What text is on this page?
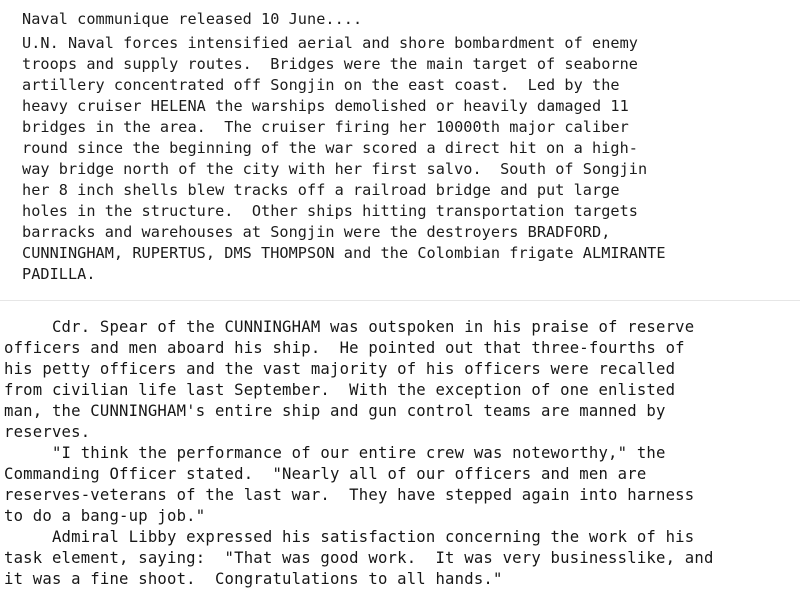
Naval communique released 10 June....
U.N. Naval forces intensified aerial and shore bombardment of enemy
troops and supply routes.  Bridges were the main target of seaborne
artillery concentrated off Songjin on the east coast.  Led by the
heavy cruiser HELENA the warships demolished or heavily damaged 11
bridges in the area.  The cruiser firing her 10000th major caliber
round since the beginning of the war scored a direct hit on a high-
way bridge north of the city with her first salvo.  South of Songjin
her 8 inch shells blew tracks off a railroad bridge and put large
holes in the structure.  Other ships hitting transportation targets
barracks and warehouses at Songjin were the destroyers BRADFORD,
CUNNINGHAM, RUPERTUS, DMS THOMPSON and the Colombian frigate ALMIRANTE
PADILLA.
Cdr. Spear of the CUNNINGHAM was outspoken in his praise of reserve
officers and men aboard his ship.  He pointed out that three-fourths of
his petty officers and the vast majority of his officers were recalled
from civilian life last September.  With the exception of one enlisted
man, the CUNNINGHAM's entire ship and gun control teams are manned by
reserves.
"I think the performance of our entire crew was noteworthy," the
Commanding Officer stated.  "Nearly all of our officers and men are
reserves-veterans of the last war.  They have stepped again into harness
to do a bang-up job."
Admiral Libby expressed his satisfaction concerning the work of his
task element, saying:  "That was good work.  It was very businesslike, and
it was a fine shoot.  Congratulations to all hands."
